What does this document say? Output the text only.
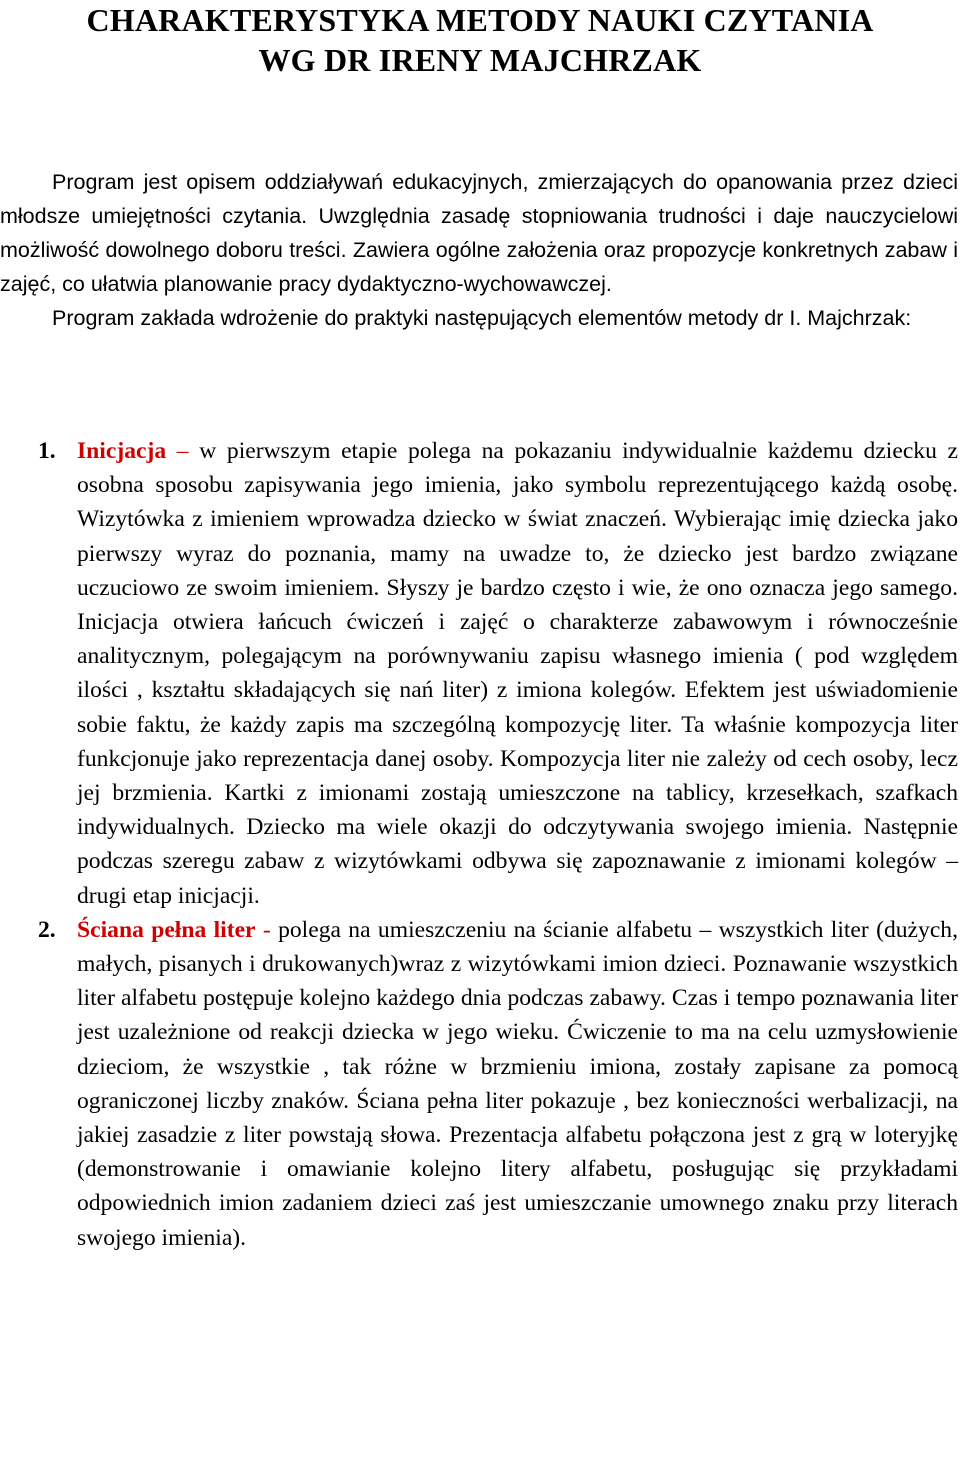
CHARAKTERYSTYKA METODY NAUKI CZYTANIA
WG DR IRENY MAJCHRZAK

Program jest opisem oddziaływań edukacyjnych, zmierzających do opanowania przez dzieci młodsze umiejętności czytania. Uwzględnia zasadę stopniowania trudności i daje nauczycielowi możliwość dowolnego doboru treści. Zawiera ogólne założenia oraz propozycje konkretnych zabaw i zajęć, co ułatwia planowanie pracy dydaktyczno-wychowawczej.

Program zakłada wdrożenie do praktyki następujących elementów metody dr I. Majchrzak:

1. Inicjacja – w pierwszym etapie polega na pokazaniu indywidualnie każdemu dziecku z osobna sposobu zapisywania jego imienia, jako symbolu reprezentującego każdą osobę. Wizytówka z imieniem wprowadza dziecko w świat znaczeń. Wybierając imię dziecka jako pierwszy wyraz do poznania, mamy na uwadze to, że dziecko jest bardzo związane uczuciowo ze swoim imieniem. Słyszy je bardzo często i wie, że ono oznacza jego samego. Inicjacja otwiera łańcuch ćwiczeń i zajęć o charakterze zabawowym i równocześnie analitycznym, polegającym na porównywaniu zapisu własnego imienia ( pod względem ilości , kształtu składających się nań liter) z imiona kolegów. Efektem jest uświadomienie sobie faktu, że każdy zapis ma szczególną kompozycję liter. Ta właśnie kompozycja liter funkcjonuje jako reprezentacja danej osoby. Kompozycja liter nie zależy od cech osoby, lecz jej brzmienia. Kartki z imionami zostają umieszczone na tablicy, krzesełkach, szafkach indywidualnych. Dziecko ma wiele okazji do odczytywania swojego imienia. Następnie podczas szeregu zabaw z wizytówkami odbywa się zapoznawanie z imionami kolegów – drugi etap inicjacji.
2. Ściana pełna liter - polega na umieszczeniu na ścianie alfabetu – wszystkich liter (dużych, małych, pisanych i drukowanych)wraz z wizytówkami imion dzieci. Poznawanie wszystkich liter alfabetu postępuje kolejno każdego dnia podczas zabawy. Czas i tempo poznawania liter jest uzależnione od reakcji dziecka w jego wieku. Ćwiczenie to ma na celu uzmysłowienie dzieciom, że wszystkie , tak różne w brzmieniu imiona, zostały zapisane za pomocą ograniczonej liczby znaków. Ściana pełna liter pokazuje , bez konieczności werbalizacji, na jakiej zasadzie z liter powstają słowa. Prezentacja alfabetu połączona jest z grą w loteryjkę (demonstrowanie i omawianie kolejno litery alfabetu, posługując się przykładami odpowiednich imion zadaniem dzieci zaś jest umieszczanie umownego znaku przy literach swojego imienia).
